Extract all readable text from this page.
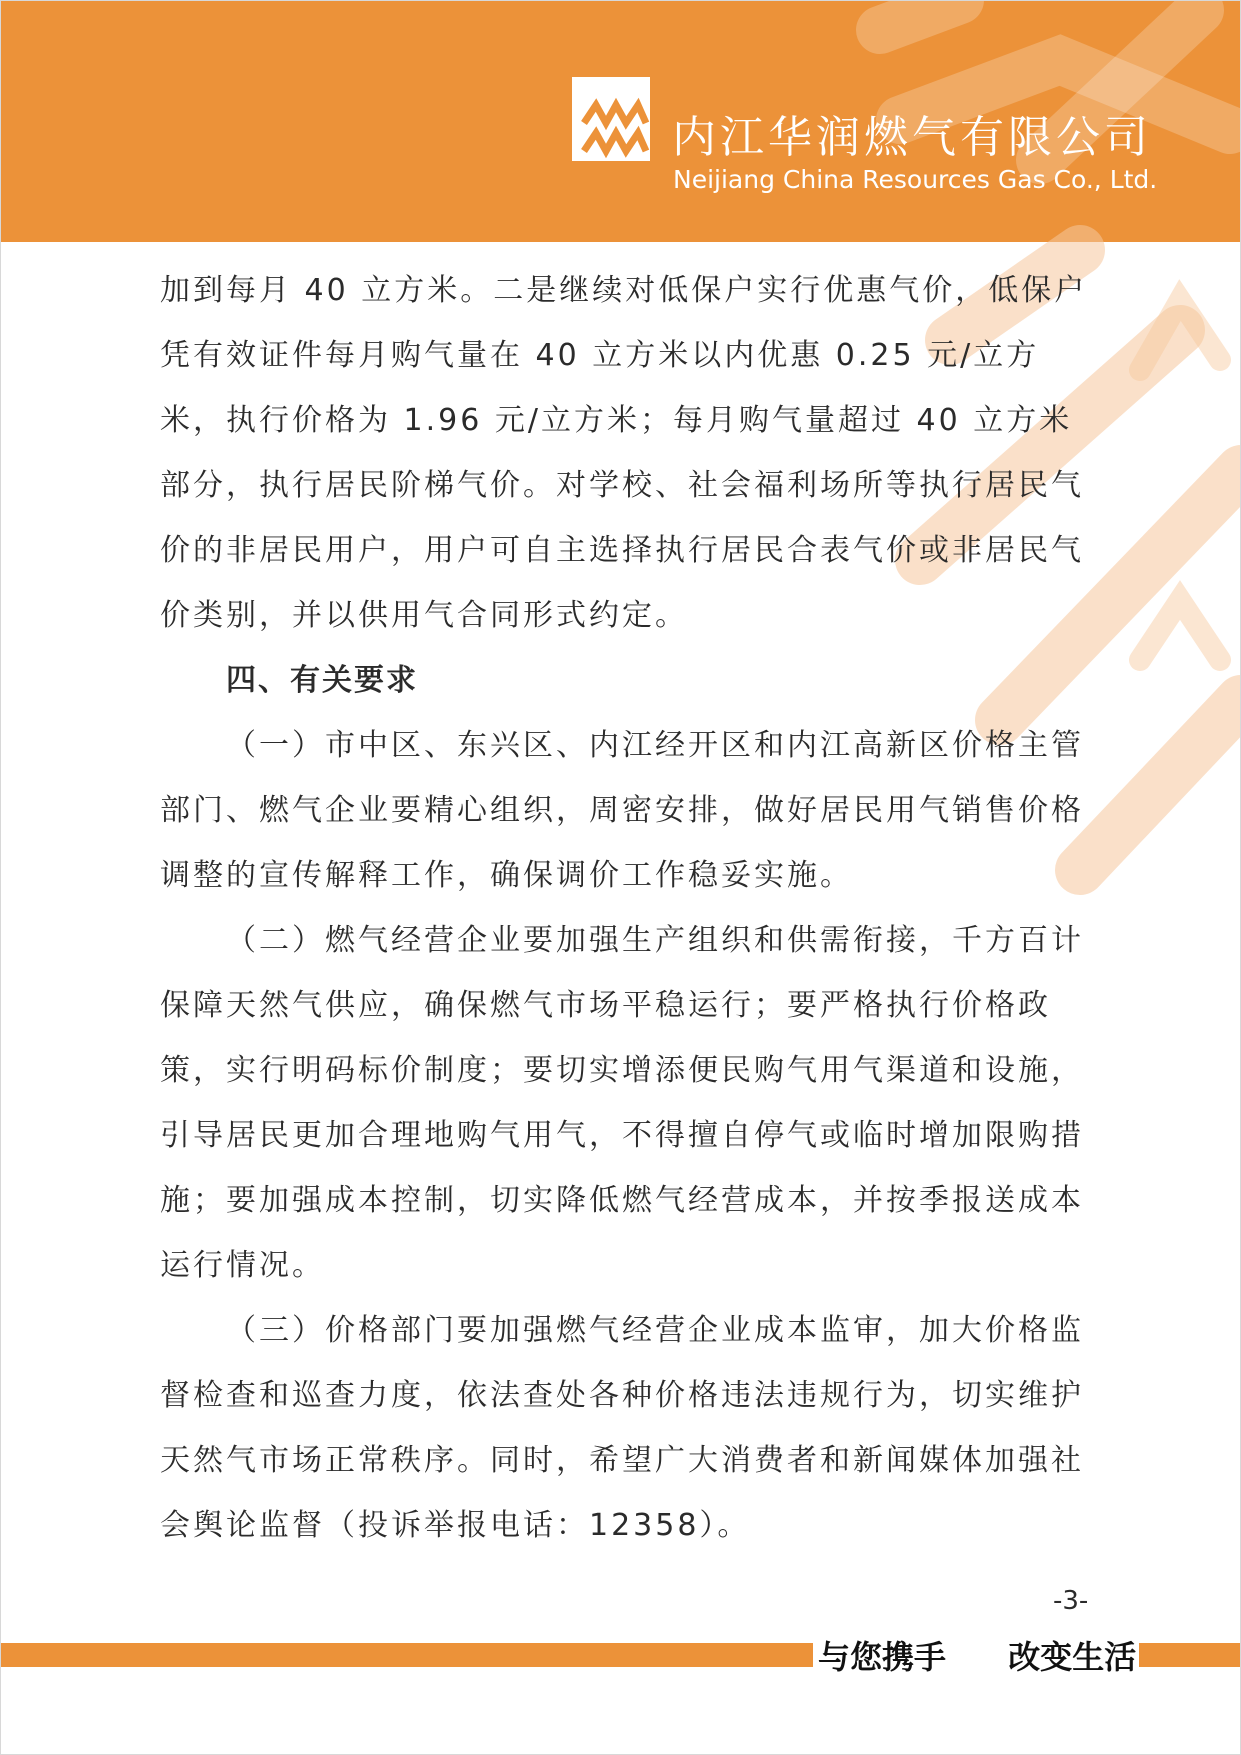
内江华润燃气有限公司
Neijiang China Resources Gas Co., Ltd.

加到每月 40 立方米。二是继续对低保户实行优惠气价，低保户凭有效证件每月购气量在 40 立方米以内优惠 0.25 元/立方米，执行价格为 1.96 元/立方米；每月购气量超过 40 立方米部分，执行居民阶梯气价。对学校、社会福利场所等执行居民气价的非居民用户，用户可自主选择执行居民合表气价或非居民气价类别，并以供用气合同形式约定。

四、有关要求

（一）市中区、东兴区、内江经开区和内江高新区价格主管部门、燃气企业要精心组织，周密安排，做好居民用气销售价格调整的宣传解释工作，确保调价工作稳妥实施。

（二）燃气经营企业要加强生产组织和供需衔接，千方百计保障天然气供应，确保燃气市场平稳运行；要严格执行价格政策，实行明码标价制度；要切实增添便民购气用气渠道和设施，引导居民更加合理地购气用气，不得擅自停气或临时增加限购措施；要加强成本控制，切实降低燃气经营成本，并按季报送成本运行情况。

（三）价格部门要加强燃气经营企业成本监审，加大价格监督检查和巡查力度，依法查处各种价格违法违规行为，切实维护天然气市场正常秩序。同时，希望广大消费者和新闻媒体加强社会舆论监督（投诉举报电话：12358）。

-3-
与您携手 改变生活
